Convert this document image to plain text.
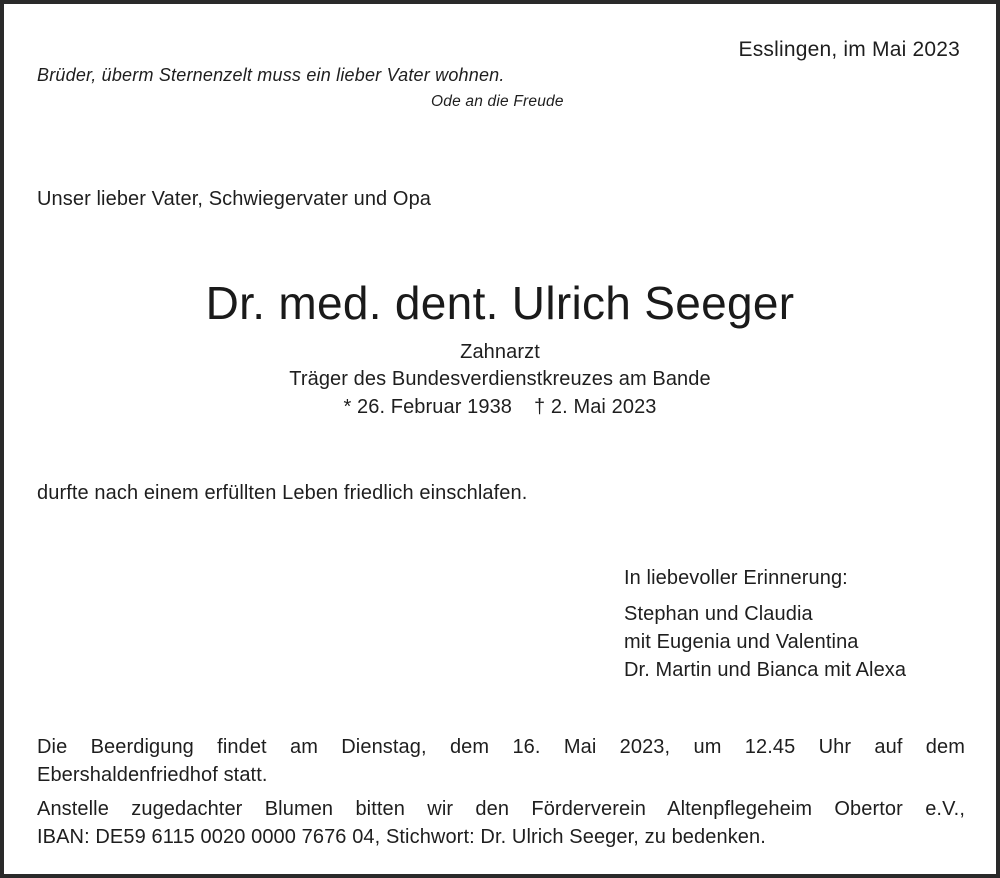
Esslingen, im Mai 2023
Brüder, überm Sternenzelt muss ein lieber Vater wohnen.
Ode an die Freude
Unser lieber Vater, Schwiegervater und Opa
Dr. med. dent. Ulrich Seeger
Zahnarzt
Träger des Bundesverdienstkreuzes am Bande
* 26. Februar 1938 † 2. Mai 2023
durfte nach einem erfüllten Leben friedlich einschlafen.
In liebevoller Erinnerung:
Stephan und Claudia
mit Eugenia und Valentina
Dr. Martin und Bianca mit Alexa
Die Beerdigung findet am Dienstag, dem 16. Mai 2023, um 12.45 Uhr auf dem
Ebershaldenfriedhof statt.
Anstelle zugedachter Blumen bitten wir den Förderverein Altenpflegeheim Obertor e.V.,
IBAN: DE59 6115 0020 0000 7676 04, Stichwort: Dr. Ulrich Seeger, zu bedenken.
